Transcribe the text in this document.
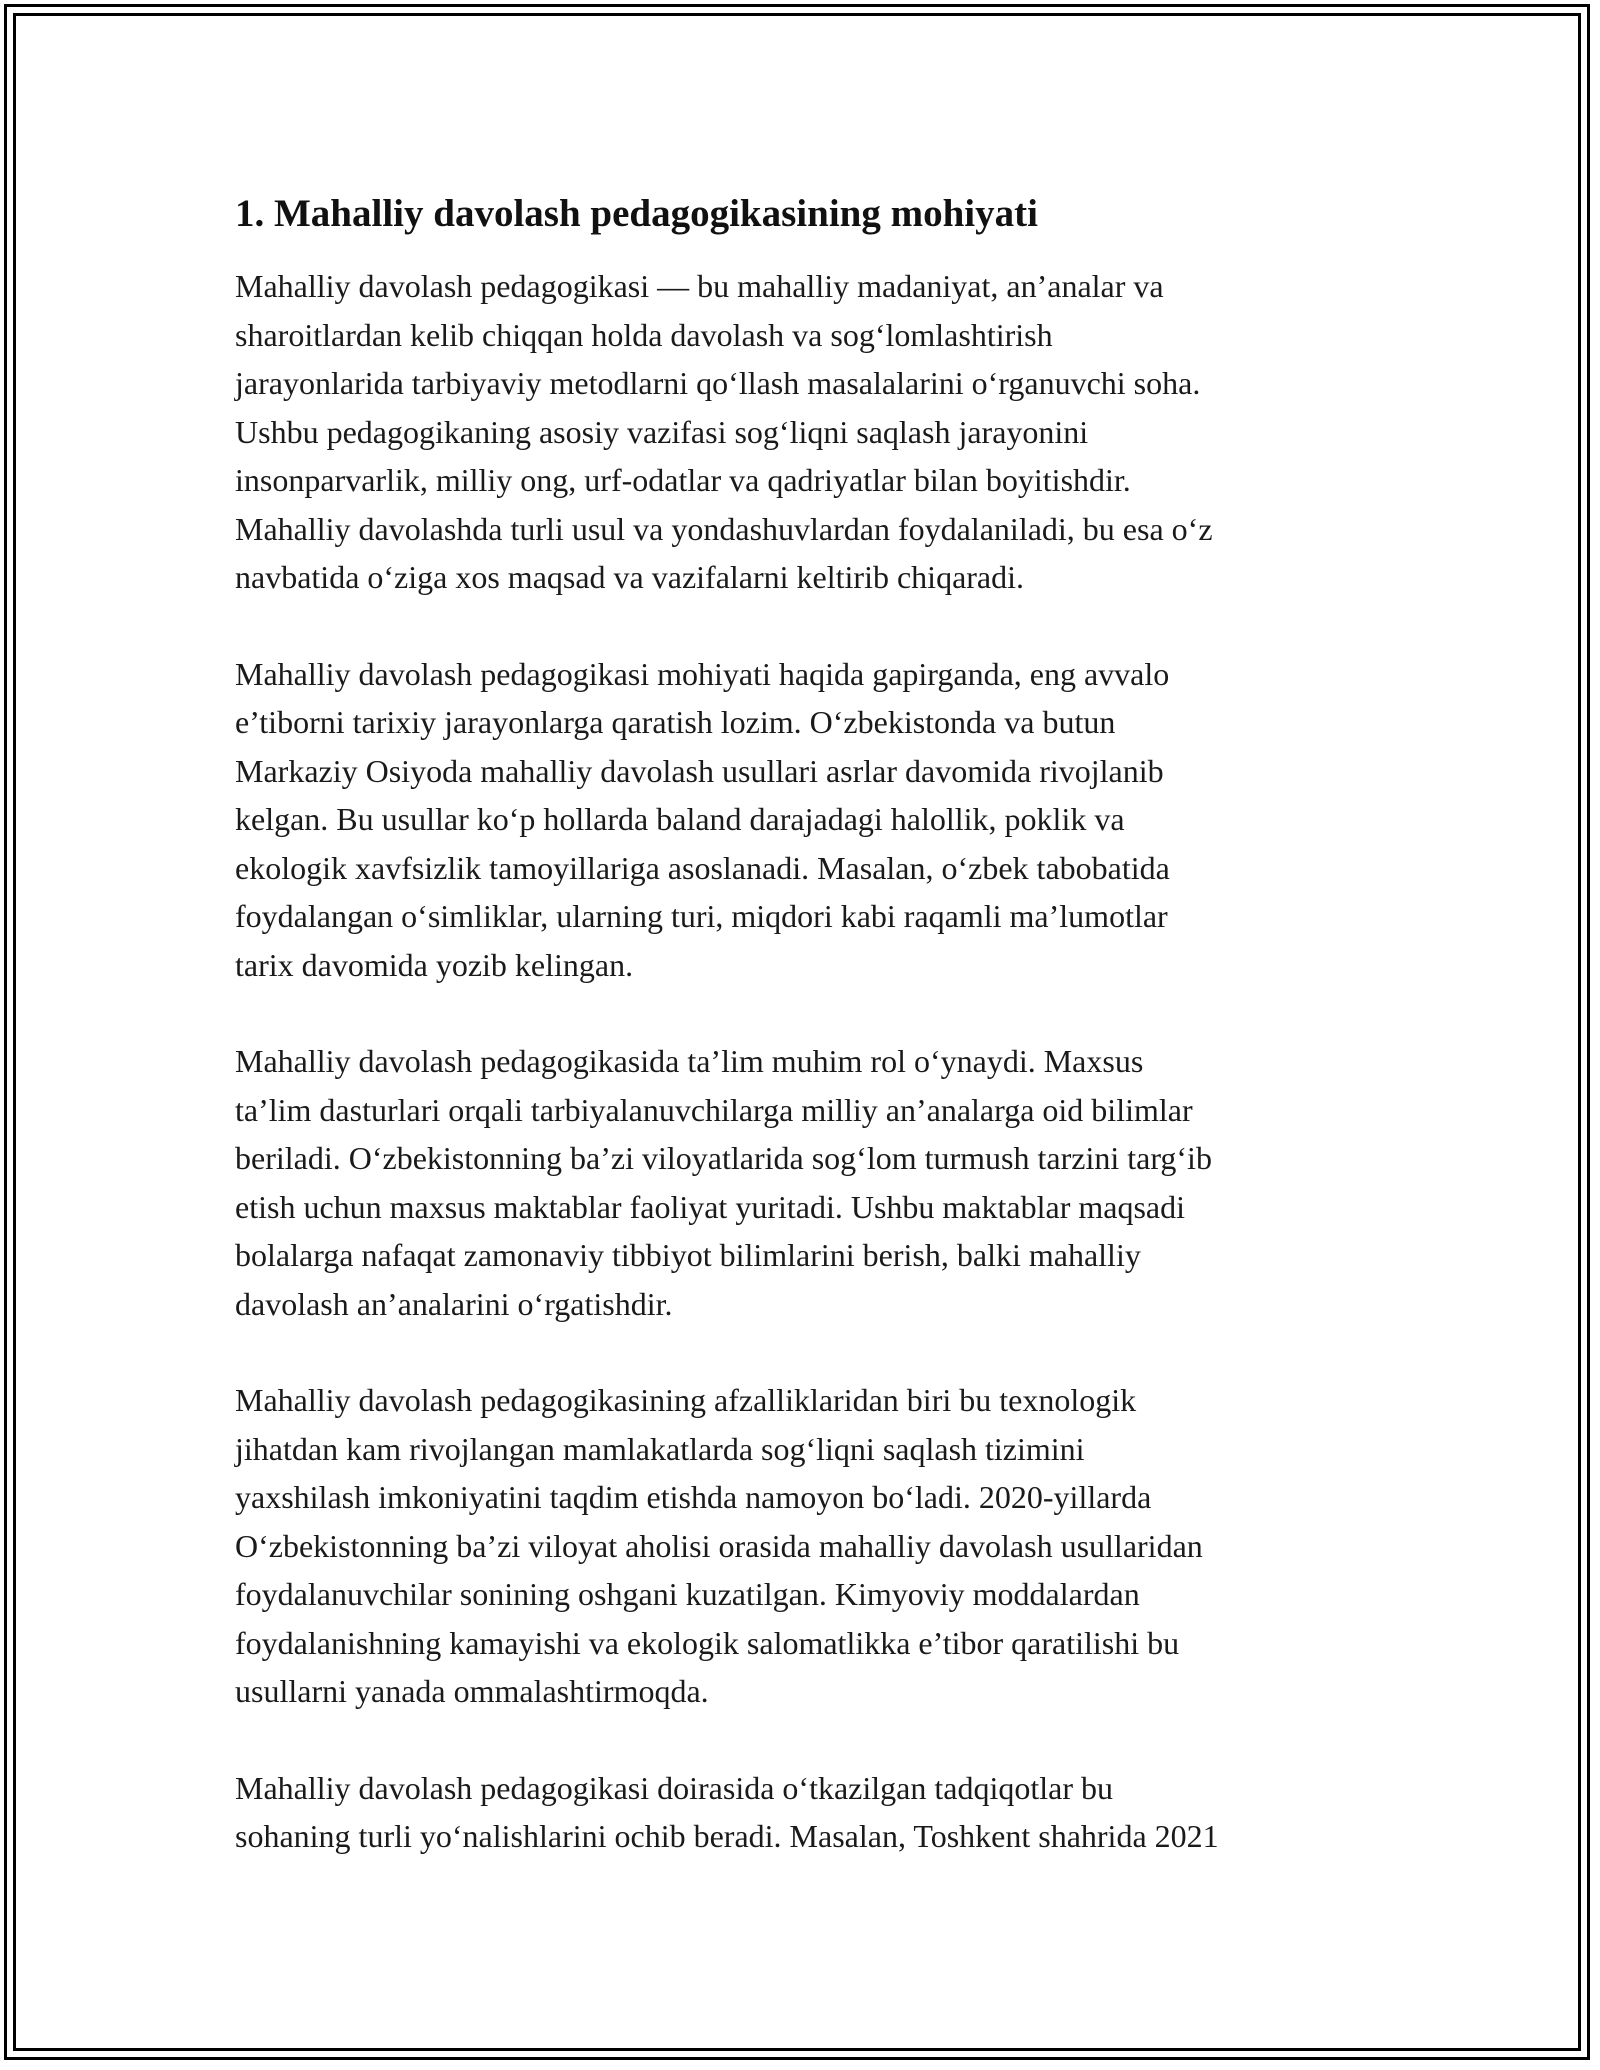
1. Mahalliy davolash pedagogikasining mohiyati

Mahalliy davolash pedagogikasi — bu mahalliy madaniyat, an’analar va
sharoitlardan kelib chiqqan holda davolash va sog‘lomlashtirish
jarayonlarida tarbiyaviy metodlarni qo‘llash masalalarini o‘rganuvchi soha.
Ushbu pedagogikaning asosiy vazifasi sog‘liqni saqlash jarayonini
insonparvarlik, milliy ong, urf-odatlar va qadriyatlar bilan boyitishdir.
Mahalliy davolashda turli usul va yondashuvlardan foydalaniladi, bu esa o‘z
navbatida o‘ziga xos maqsad va vazifalarni keltirib chiqaradi.

Mahalliy davolash pedagogikasi mohiyati haqida gapirganda, eng avvalo
e’tiborni tarixiy jarayonlarga qaratish lozim. O‘zbekistonda va butun
Markaziy Osiyoda mahalliy davolash usullari asrlar davomida rivojlanib
kelgan. Bu usullar ko‘p hollarda baland darajadagi halollik, poklik va
ekologik xavfsizlik tamoyillariga asoslanadi. Masalan, o‘zbek tabobatida
foydalangan o‘simliklar, ularning turi, miqdori kabi raqamli ma’lumotlar
tarix davomida yozib kelingan.

Mahalliy davolash pedagogikasida ta’lim muhim rol o‘ynaydi. Maxsus
ta’lim dasturlari orqali tarbiyalanuvchilarga milliy an’analarga oid bilimlar
beriladi. O‘zbekistonning ba’zi viloyatlarida sog‘lom turmush tarzini targ‘ib
etish uchun maxsus maktablar faoliyat yuritadi. Ushbu maktablar maqsadi
bolalarga nafaqat zamonaviy tibbiyot bilimlarini berish, balki mahalliy
davolash an’analarini o‘rgatishdir.

Mahalliy davolash pedagogikasining afzalliklaridan biri bu texnologik
jihatdan kam rivojlangan mamlakatlarda sog‘liqni saqlash tizimini
yaxshilash imkoniyatini taqdim etishda namoyon bo‘ladi. 2020-yillarda
O‘zbekistonning ba’zi viloyat aholisi orasida mahalliy davolash usullaridan
foydalanuvchilar sonining oshgani kuzatilgan. Kimyoviy moddalardan
foydalanishning kamayishi va ekologik salomatlikka e’tibor qaratilishi bu
usullarni yanada ommalashtirmoqda.

Mahalliy davolash pedagogikasi doirasida o‘tkazilgan tadqiqotlar bu
sohaning turli yo‘nalishlarini ochib beradi. Masalan, Toshkent shahrida 2021
